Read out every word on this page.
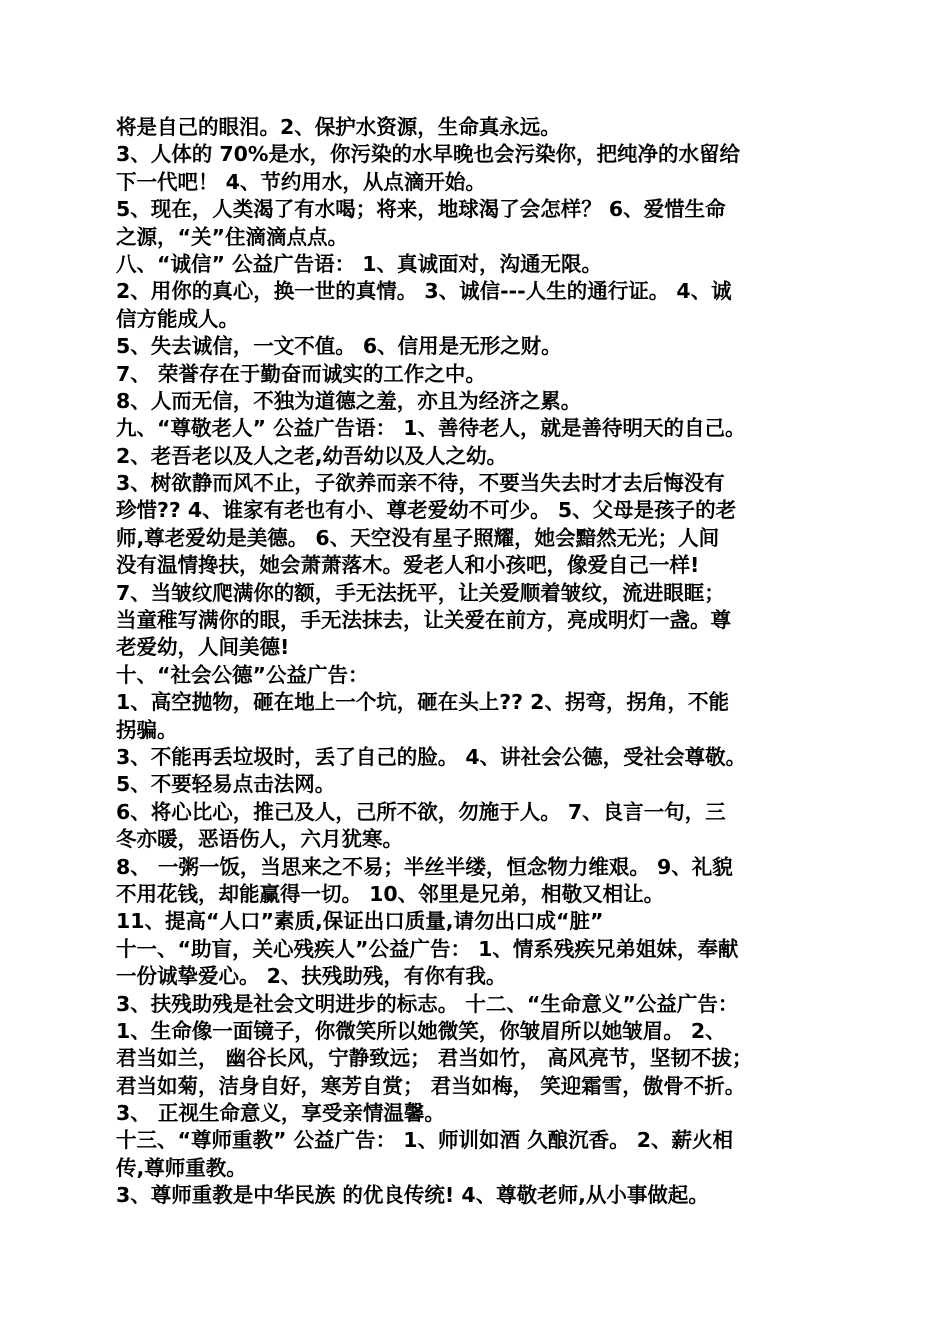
将是自己的眼泪。2、保护水资源，生命真永远。
3、人体的 70%是水，你污染的水早晚也会污染你，把纯净的水留给
下一代吧！ 4、节约用水，从点滴开始。
5、现在，人类渴了有水喝；将来，地球渴了会怎样？ 6、爱惜生命
之源，“关”住滴滴点点。
八、“诚信” 公益广告语： 1、真诚面对，沟通无限。
2、用你的真心，换一世的真情。 3、诚信---人生的通行证。 4、诚
信方能成人。
5、失去诚信，一文不值。 6、信用是无形之财。
7、 荣誉存在于勤奋而诚实的工作之中。
8、人而无信，不独为道德之羞，亦且为经济之累。
九、“尊敬老人” 公益广告语： 1、善待老人，就是善待明天的自己。
2、老吾老以及人之老,幼吾幼以及人之幼。
3、树欲静而风不止，子欲养而亲不待，不要当失去时才去后悔没有
珍惜?? 4、谁家有老也有小、尊老爱幼不可少。 5、父母是孩子的老
师,尊老爱幼是美德。 6、天空没有星子照耀，她会黯然无光；人间
没有温情搀扶，她会萧萧落木。爱老人和小孩吧，像爱自己一样!
7、当皱纹爬满你的额，手无法抚平，让关爱顺着皱纹，流进眼眶；
当童稚写满你的眼，手无法抹去，让关爱在前方，亮成明灯一盏。尊
老爱幼，人间美德!
十、“社会公德”公益广告：
1、高空抛物，砸在地上一个坑，砸在头上?? 2、拐弯，拐角，不能
拐骗。
3、不能再丢垃圾时，丢了自己的脸。 4、讲社会公德，受社会尊敬。
5、不要轻易点击法网。
6、将心比心，推己及人，己所不欲，勿施于人。 7、良言一句，三
冬亦暖，恶语伤人，六月犹寒。
8、 一粥一饭，当思来之不易；半丝半缕，恒念物力维艰。 9、礼貌
不用花钱，却能赢得一切。 10、邻里是兄弟，相敬又相让。
11、提高“人口”素质,保证出口质量,请勿出口成“脏”
十一、“助盲，关心残疾人”公益广告： 1、情系残疾兄弟姐妹，奉献
一份诚挚爱心。 2、扶残助残，有你有我。
3、扶残助残是社会文明进步的标志。 十二、“生命意义”公益广告：
1、生命像一面镜子，你微笑所以她微笑，你皱眉所以她皱眉。 2、
君当如兰， 幽谷长风，宁静致远； 君当如竹， 高风亮节，坚韧不拔；
君当如菊，洁身自好，寒芳自赏； 君当如梅， 笑迎霜雪，傲骨不折。
3、 正视生命意义，享受亲情温馨。
十三、“尊师重教” 公益广告： 1、师训如酒 久酿沉香。 2、薪火相
传,尊师重教。
3、尊师重教是中华民族 的优良传统! 4、尊敬老师,从小事做起。
